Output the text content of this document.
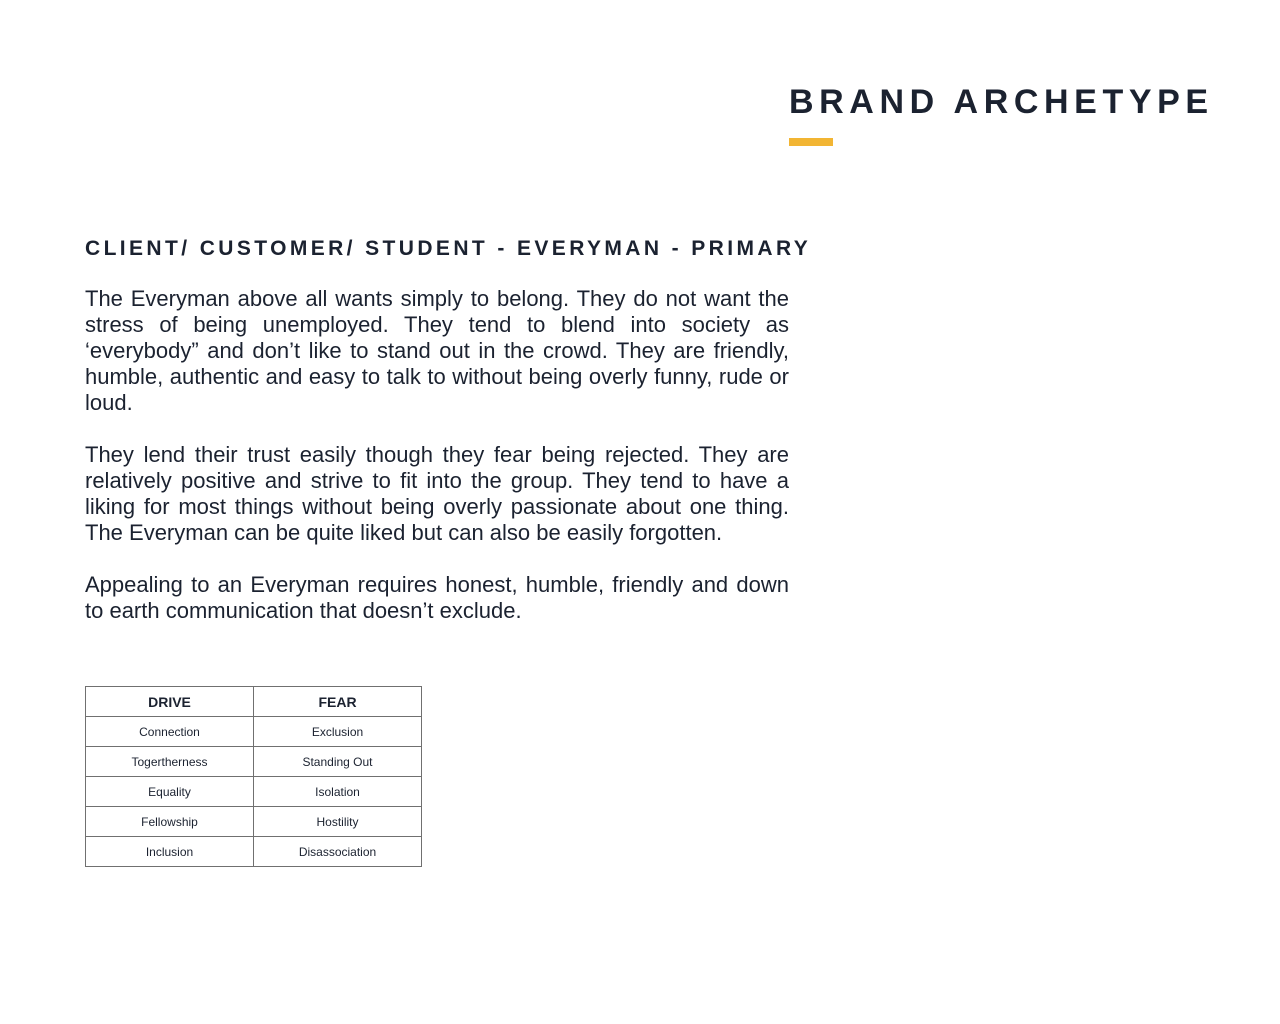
BRAND ARCHETYPE
CLIENT/ CUSTOMER/ STUDENT - EVERYMAN - PRIMARY

The Everyman above all wants simply to belong. They do not want the stress of being unemployed. They tend to blend into society as ‘everybody” and don’t like to stand out in the crowd. They are friendly, humble, authentic and easy to talk to without being overly funny, rude or loud.

They lend their trust easily though they fear being rejected. They are relatively positive and strive to fit into the group. They tend to have a liking for most things without being overly passionate about one thing. The Everyman can be quite liked but can also be easily forgotten.

Appealing to an Everyman requires honest, humble, friendly and down to earth communication that doesn’t exclude.

DRIVE	FEAR
Connection	Exclusion
Togertherness	Standing Out
Equality	Isolation
Fellowship	Hostility
Inclusion	Disassociation
